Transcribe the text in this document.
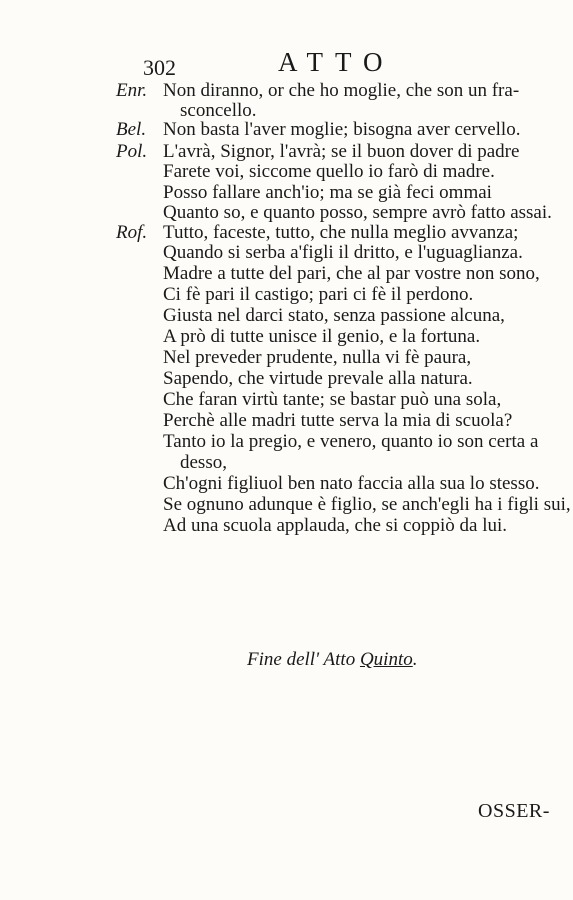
302	ATTO
Enr.
Bel.
Pol.
Rof.
Non diranno, or che ho moglie, che son un fra-
sconcello.
Non basta l'aver moglie; bisogna aver cervello.
L'avrà, Signor, l'avrà; se il buon dover di padre
Farete voi, siccome quello io farò di madre.
Posso fallare anch'io; ma se già feci ommai
Quanto so, e quanto posso, sempre avrò fatto assai.
Tutto, faceste, tutto, che nulla meglio avvanza;
Quando si serba a'figli il dritto, e l'uguaglianza.
Madre a tutte del pari, che al par vostre non sono,
Ci fè pari il castigo; pari ci fè il perdono.
Giusta nel darci stato, senza passione alcuna,
A prò di tutte unisce il genio, e la fortuna.
Nel preveder prudente, nulla vi fè paura,
Sapendo, che virtude prevale alla natura.
Che faran virtù tante; se bastar può una sola,
Perchè alle madri tutte serva la mia di scuola?
Tanto io la pregio, e venero, quanto io son certa a
desso,
Ch'ogni figliuol ben nato faccia alla sua lo stesso.
Se ognuno adunque è figlio, se anch'egli ha i figli sui,
Ad una scuola applauda, che si coppiò da lui.
Fine dell' Atto Quinto.
OSSER-
